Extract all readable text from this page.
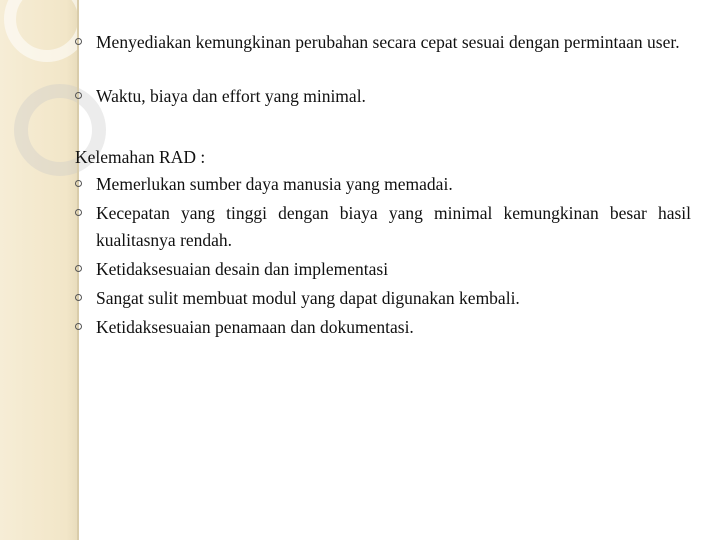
Menyediakan kemungkinan perubahan secara cepat sesuai dengan permintaan user.
Waktu, biaya dan effort yang minimal.
Kelemahan RAD :
Memerlukan sumber daya manusia yang memadai.
Kecepatan yang tinggi dengan biaya yang minimal kemungkinan besar hasil kualitasnya rendah.
Ketidaksesuaian desain dan implementasi
Sangat sulit membuat modul yang dapat digunakan kembali.
Ketidaksesuaian penamaan dan dokumentasi.
